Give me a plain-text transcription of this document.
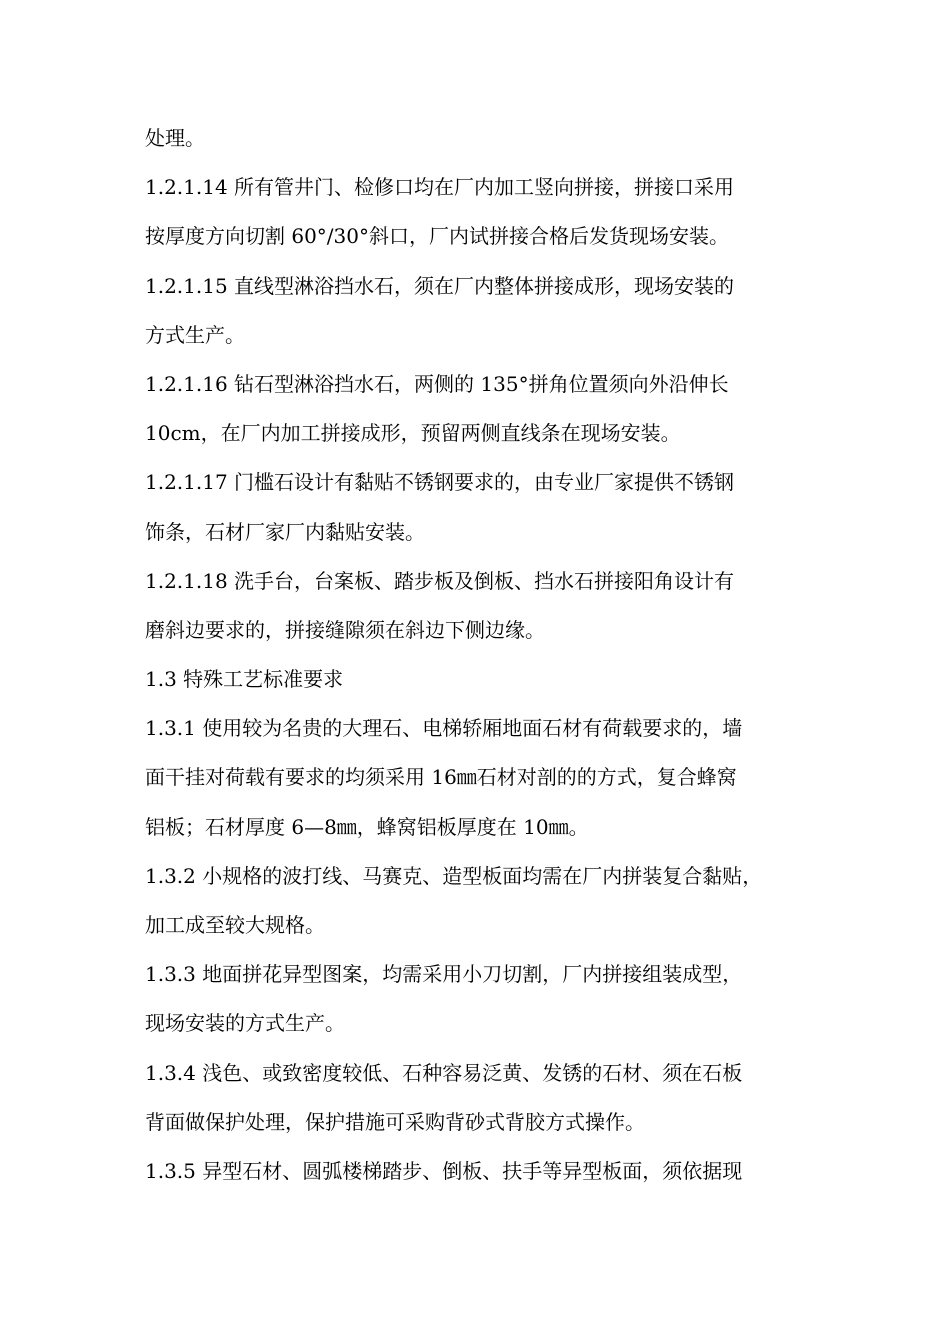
处理。

1.2.1.14 所有管井门、检修口均在厂内加工竖向拼接，拼接口采用

按厚度方向切割 60°/30°斜口，厂内试拼接合格后发货现场安装。

1.2.1.15 直线型淋浴挡水石，须在厂内整体拼接成形，现场安装的

方式生产。

1.2.1.16 钻石型淋浴挡水石，两侧的 135°拼角位置须向外沿伸长

10cm，在厂内加工拼接成形，预留两侧直线条在现场安装。

1.2.1.17 门槛石设计有黏贴不锈钢要求的，由专业厂家提供不锈钢

饰条，石材厂家厂内黏贴安装。

1.2.1.18 洗手台，台案板、踏步板及倒板、挡水石拼接阳角设计有

磨斜边要求的，拼接缝隙须在斜边下侧边缘。

1.3 特殊工艺标准要求

1.3.1 使用较为名贵的大理石、电梯轿厢地面石材有荷载要求的，墙

面干挂对荷载有要求的均须采用 16㎜石材对剖的的方式，复合蜂窝

铝板；石材厚度 6—8㎜，蜂窝铝板厚度在 10㎜。

1.3.2 小规格的波打线、马赛克、造型板面均需在厂内拼装复合黏贴，

加工成至较大规格。

1.3.3 地面拼花异型图案，均需采用小刀切割，厂内拼接组装成型，

现场安装的方式生产。

1.3.4 浅色、或致密度较低、石种容易泛黄、发锈的石材、须在石板

背面做保护处理，保护措施可采购背砂式背胶方式操作。

1.3.5 异型石材、圆弧楼梯踏步、倒板、扶手等异型板面，须依据现
